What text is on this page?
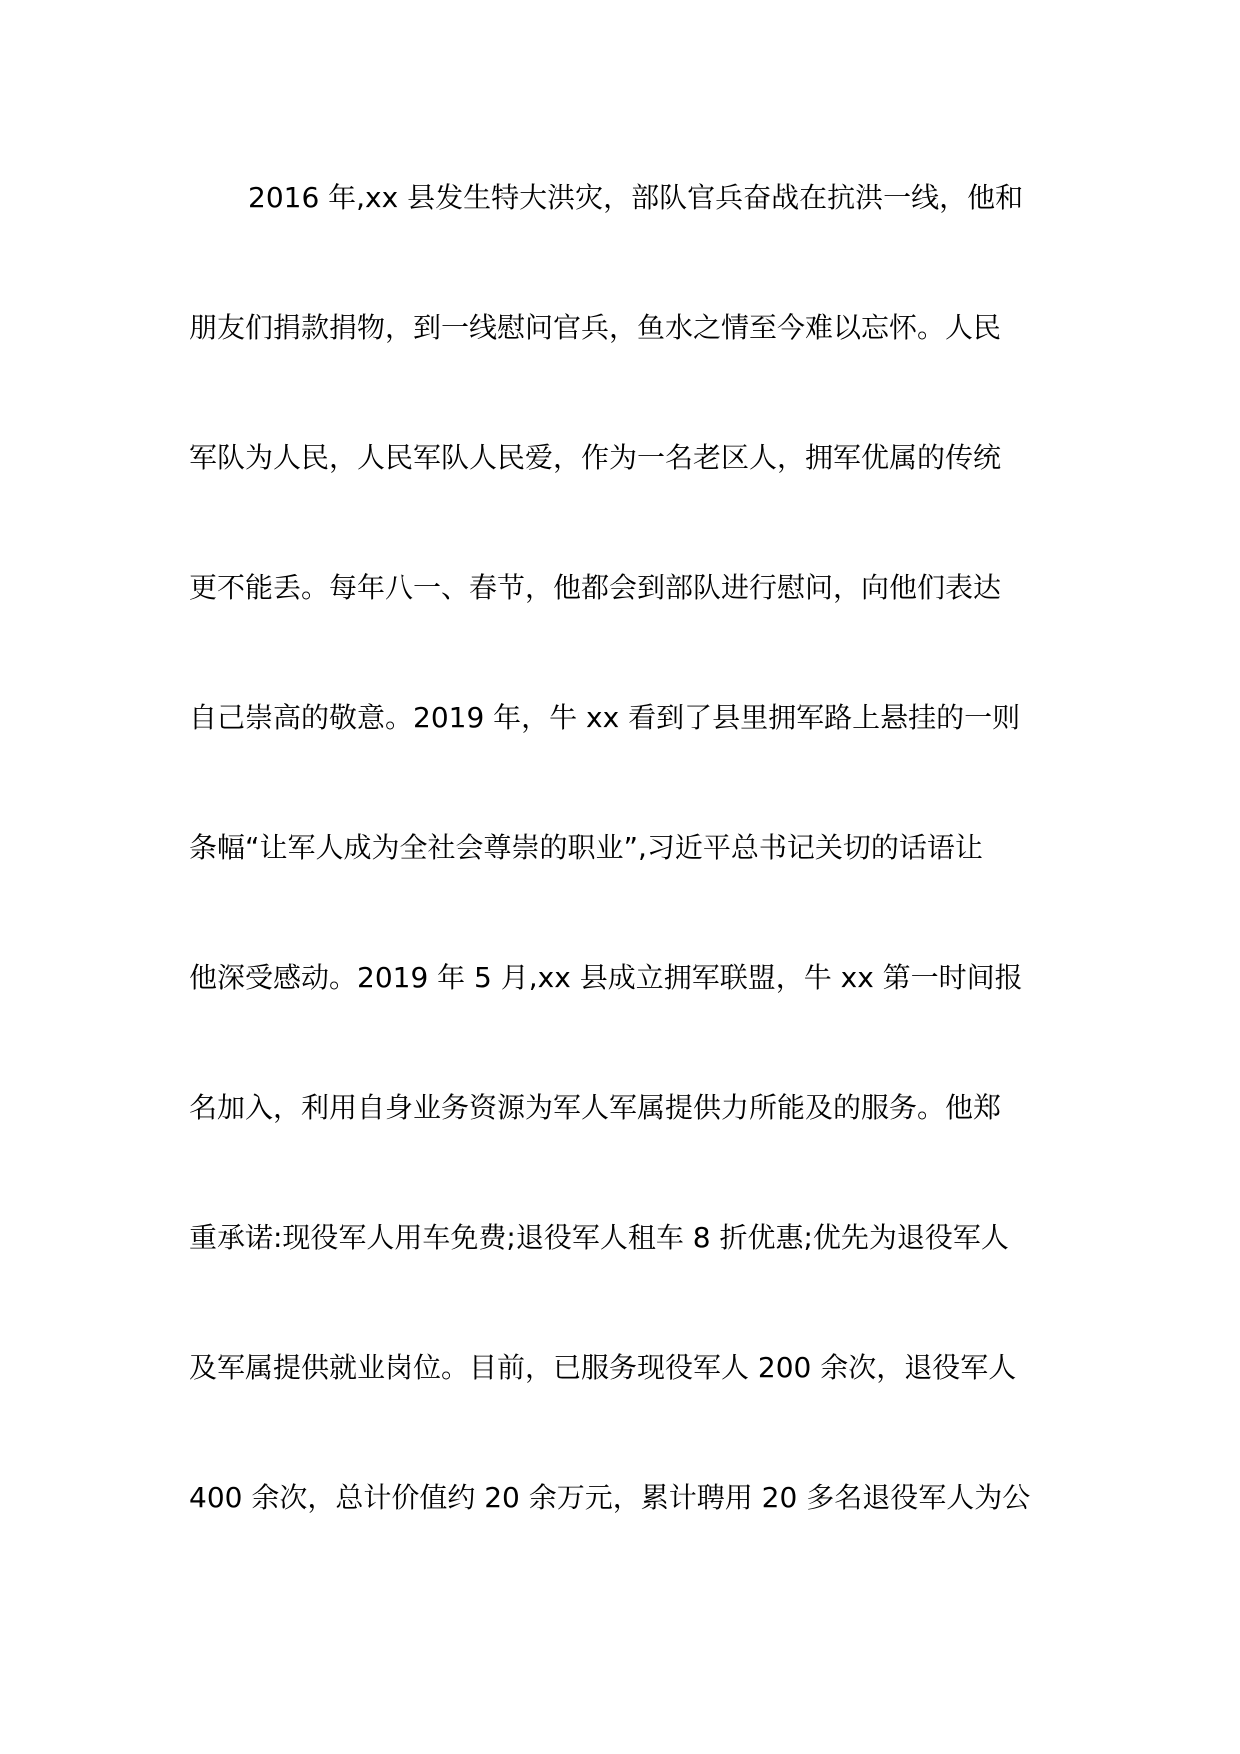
2016 年,xx 县发生特大洪灾，部队官兵奋战在抗洪一线，他和
朋友们捐款捐物，到一线慰问官兵，鱼水之情至今难以忘怀。人民
军队为人民，人民军队人民爱，作为一名老区人，拥军优属的传统
更不能丢。每年八一、春节，他都会到部队进行慰问，向他们表达
自己崇高的敬意。2019 年，牛 xx 看到了县里拥军路上悬挂的一则
条幅“让军人成为全社会尊崇的职业”,习近平总书记关切的话语让
他深受感动。2019 年 5 月,xx 县成立拥军联盟，牛 xx 第一时间报
名加入，利用自身业务资源为军人军属提供力所能及的服务。他郑
重承诺:现役军人用车免费;退役军人租车 8 折优惠;优先为退役军人
及军属提供就业岗位。目前，已服务现役军人 200 余次，退役军人
400 余次，总计价值约 20 余万元，累计聘用 20 多名退役军人为公
